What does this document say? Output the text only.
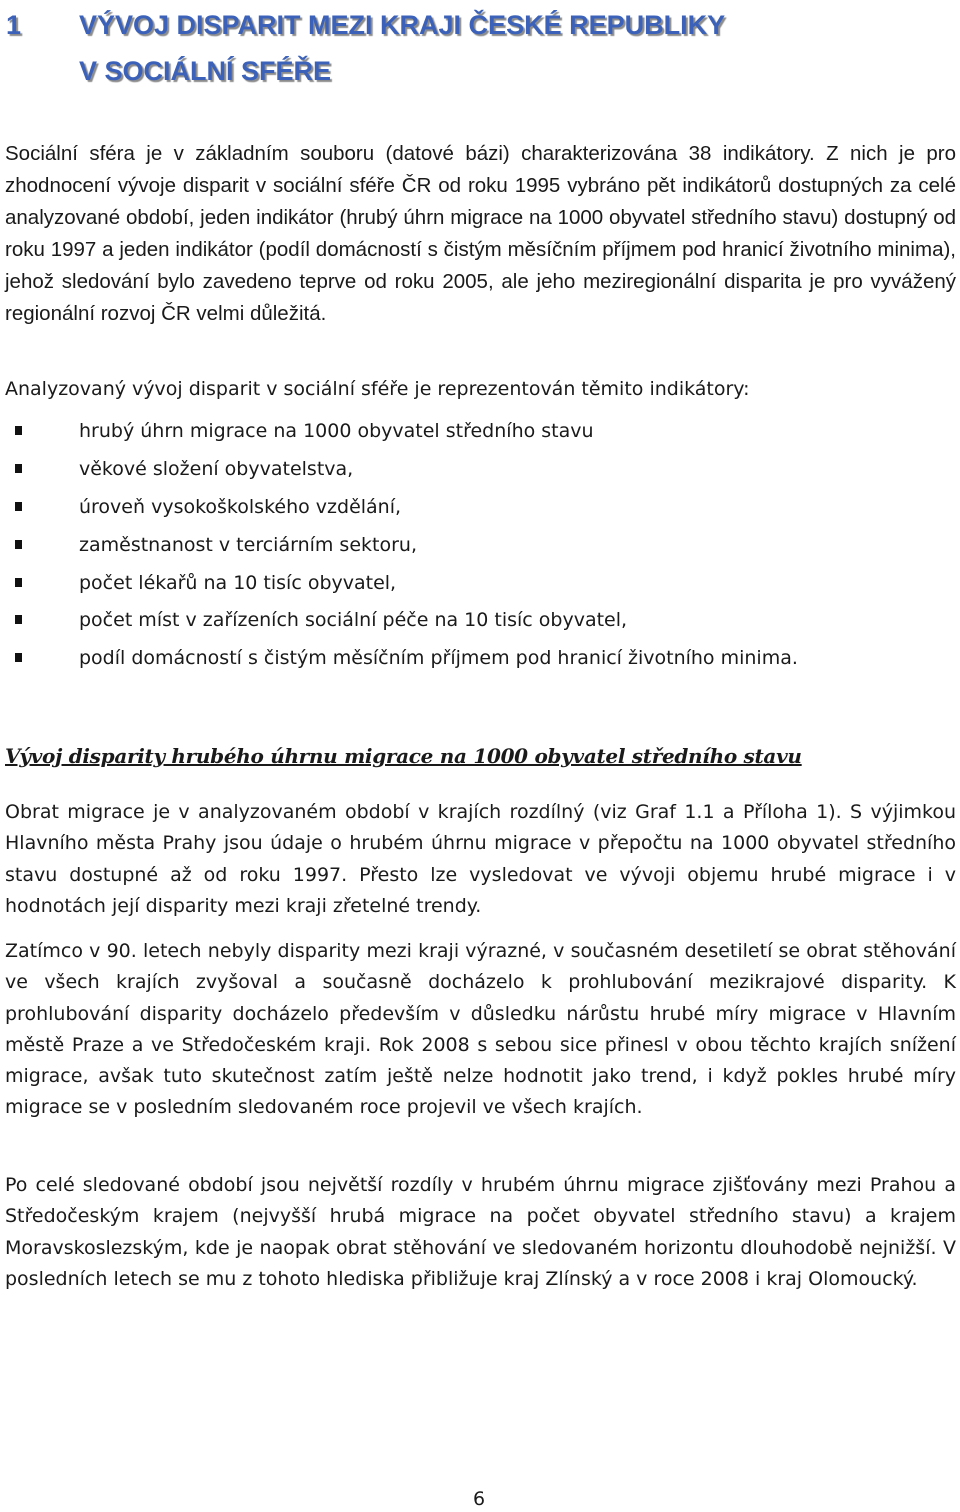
1 VÝVOJ DISPARIT MEZI KRAJI ČESKÉ REPUBLIKY
V SOCIÁLNÍ SFÉŘE

Sociální sféra je v základním souboru (datové bázi) charakterizována 38 indikátory. Z nich je pro zhodnocení vývoje disparit v sociální sféře ČR od roku 1995 vybráno pět indikátorů dostupných za celé analyzované období, jeden indikátor (hrubý úhrn migrace na 1000 obyvatel středního stavu) dostupný od roku 1997 a jeden indikátor (podíl domácností s čistým měsíčním příjmem pod hranicí životního minima), jehož sledování bylo zavedeno teprve od roku 2005, ale jeho meziregionální disparita je pro vyvážený regionální rozvoj ČR velmi důležitá.

Analyzovaný vývoj disparit v sociální sféře je reprezentován těmito indikátory:
hrubý úhrn migrace na 1000 obyvatel středního stavu
věkové složení obyvatelstva,
úroveň vysokoškolského vzdělání,
zaměstnanost v terciárním sektoru,
počet lékařů na 10 tisíc obyvatel,
počet míst v zařízeních sociální péče na 10 tisíc obyvatel,
podíl domácností s čistým měsíčním příjmem pod hranicí životního minima.
Vývoj disparity hrubého úhrnu migrace na 1000 obyvatel středního stavu

Obrat migrace je v analyzovaném období v krajích rozdílný (viz Graf 1.1 a Příloha 1). S výjimkou Hlavního města Prahy jsou údaje o hrubém úhrnu migrace v přepočtu na 1000 obyvatel středního stavu dostupné až od roku 1997. Přesto lze vysledovat ve vývoji objemu hrubé migrace i v hodnotách její disparity mezi kraji zřetelné trendy.

Zatímco v 90. letech nebyly disparity mezi kraji výrazné, v současném desetiletí se obrat stěhování ve všech krajích zvyšoval a současně docházelo k prohlubování mezikrajové disparity. K prohlubování disparity docházelo především v důsledku nárůstu hrubé míry migrace v Hlavním městě Praze a ve Středočeském kraji. Rok 2008 s sebou sice přinesl v obou těchto krajích snížení migrace, avšak tuto skutečnost zatím ještě nelze hodnotit jako trend, i když pokles hrubé míry migrace se v posledním sledovaném roce projevil ve všech krajích.

Po celé sledované období jsou největší rozdíly v hrubém úhrnu migrace zjišťovány mezi Prahou a Středočeským krajem (nejvyšší hrubá migrace na počet obyvatel středního stavu) a krajem Moravskoslezským, kde je naopak obrat stěhování ve sledovaném horizontu dlouhodobě nejnižší. V posledních letech se mu z tohoto hlediska přibližuje kraj Zlínský a v roce 2008 i kraj Olomoucký.

6
